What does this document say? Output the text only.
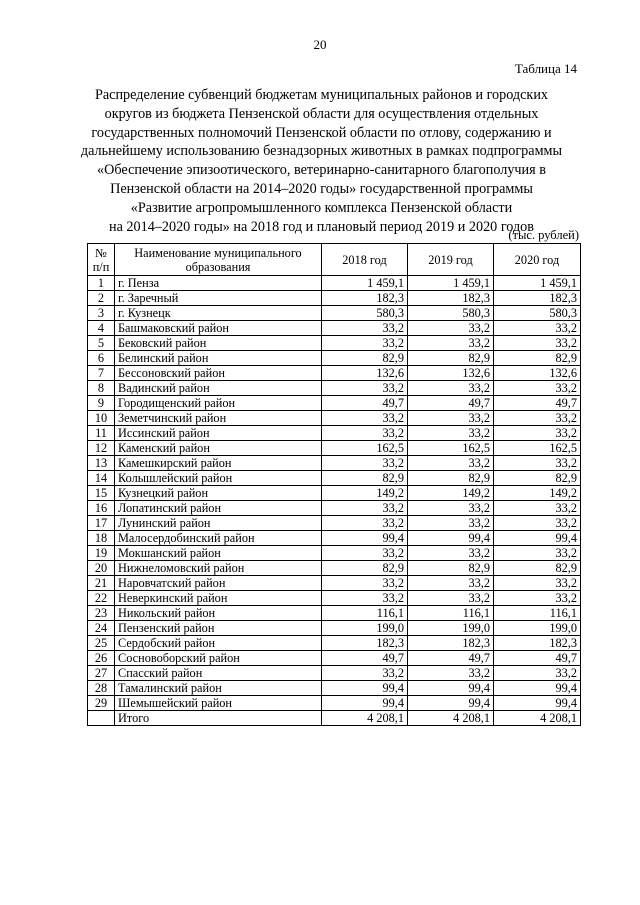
20
Таблица 14
Распределение субвенций бюджетам муниципальных районов и городских
округов из бюджета Пензенской области для осуществления отдельных
государственных полномочий Пензенской области по отлову, содержанию и
дальнейшему использованию безнадзорных животных в рамках подпрограммы
«Обеспечение эпизоотического, ветеринарно-санитарного благополучия в
Пензенской области на 2014–2020 годы» государственной программы
«Развитие агропромышленного комплекса Пензенской области
на 2014–2020 годы» на 2018 год и плановый период 2019 и 2020 годов
(тыс. рублей)
№ п/п	Наименование муниципального образования	2018 год	2019 год	2020 год
1	г. Пенза	1 459,1	1 459,1	1 459,1
2	г. Заречный	182,3	182,3	182,3
3	г. Кузнецк	580,3	580,3	580,3
4	Башмаковский район	33,2	33,2	33,2
5	Бековский район	33,2	33,2	33,2
6	Белинский район	82,9	82,9	82,9
7	Бессоновский район	132,6	132,6	132,6
8	Вадинский район	33,2	33,2	33,2
9	Городищенский район	49,7	49,7	49,7
10	Земетчинский район	33,2	33,2	33,2
11	Иссинский район	33,2	33,2	33,2
12	Каменский район	162,5	162,5	162,5
13	Камешкирский район	33,2	33,2	33,2
14	Колышлейский район	82,9	82,9	82,9
15	Кузнецкий район	149,2	149,2	149,2
16	Лопатинский район	33,2	33,2	33,2
17	Лунинский район	33,2	33,2	33,2
18	Малосердобинский район	99,4	99,4	99,4
19	Мокшанский район	33,2	33,2	33,2
20	Нижнеломовский район	82,9	82,9	82,9
21	Наровчатский район	33,2	33,2	33,2
22	Неверкинский район	33,2	33,2	33,2
23	Никольский район	116,1	116,1	116,1
24	Пензенский район	199,0	199,0	199,0
25	Сердобский район	182,3	182,3	182,3
26	Сосновоборский район	49,7	49,7	49,7
27	Спасский район	33,2	33,2	33,2
28	Тамалинский район	99,4	99,4	99,4
29	Шемышейский район	99,4	99,4	99,4
	Итого	4 208,1	4 208,1	4 208,1
